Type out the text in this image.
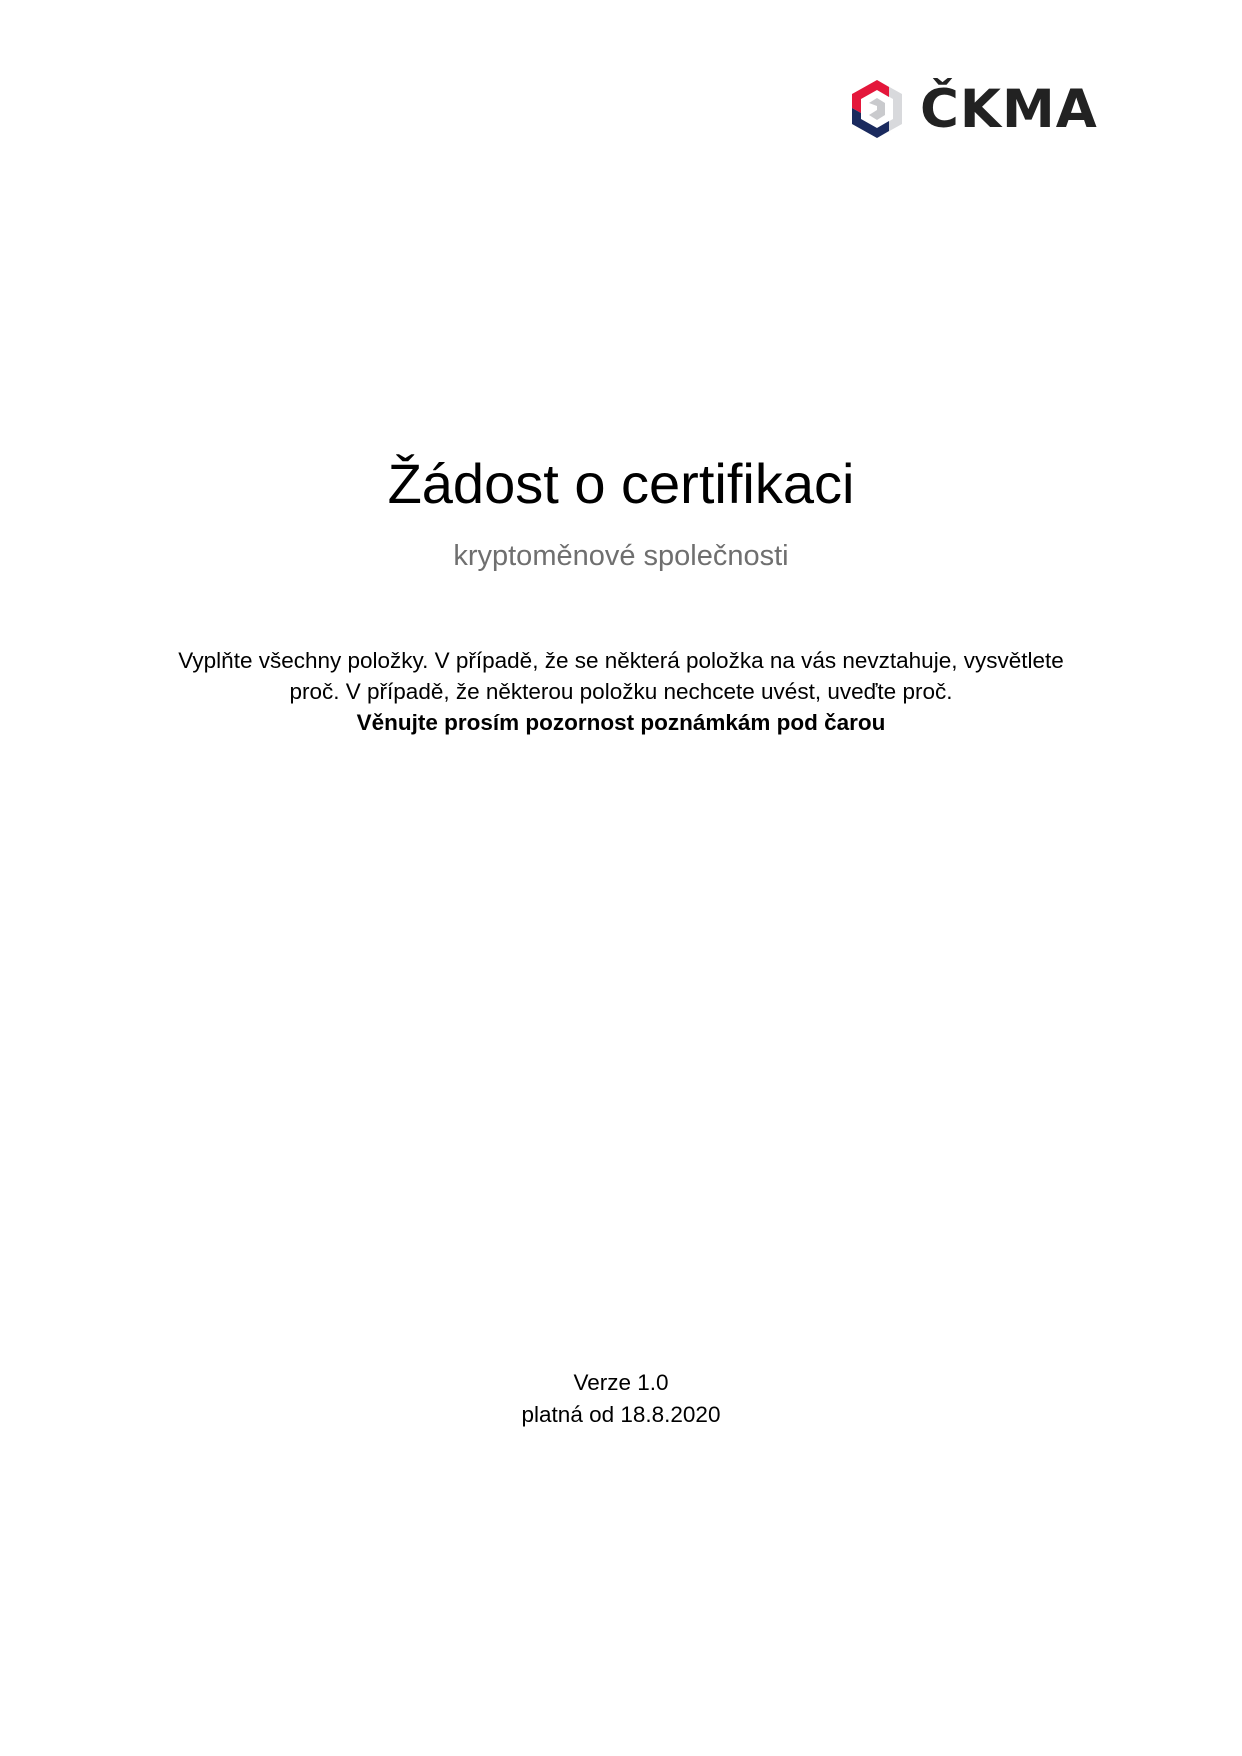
ČKMA
Žádost o certifikaci

kryptoměnové společnosti

Vyplňte všechny položky. V případě, že se některá položka na vás nevztahuje, vysvětlete
proč. V případě, že některou položku nechcete uvést, uveďte proč.
Věnujte prosím pozornost poznámkám pod čarou

Verze 1.0
platná od 18.8.2020
